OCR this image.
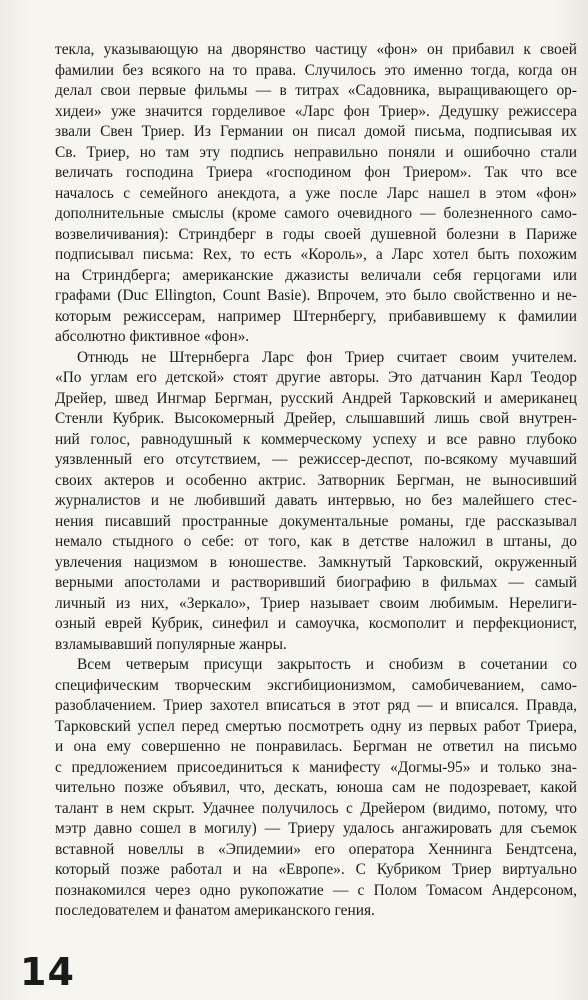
текла, указывающую на дворянство частицу «фон» он прибавил к своей
фамилии без всякого на то права. Случилось это именно тогда, когда он
делал свои первые фильмы — в титрах «Садовника, выращивающего ор-
хидеи» уже значится горделивое «Ларс фон Триер». Дедушку режиссера
звали Свен Триер. Из Германии он писал домой письма, подписывая их
Св. Триер, но там эту подпись неправильно поняли и ошибочно стали
величать господина Триера «господином фон Триером». Так что все
началось с семейного анекдота, а уже после Ларс нашел в этом «фон»
дополнительные смыслы (кроме самого очевидного — болезненного само-
возвеличивания): Стриндберг в годы своей душевной болезни в Париже
подписывал письма: Rex, то есть «Король», а Ларс хотел быть похожим
на Стриндберга; американские джазисты величали себя герцогами или
графами (Duc Ellington, Count Basie). Впрочем, это было свойственно и не-
которым режиссерам, например Штернбергу, прибавившему к фамилии
абсолютно фиктивное «фон».
Отнюдь не Штернберга Ларс фон Триер считает своим учителем.
«По углам его детской» стоят другие авторы. Это датчанин Карл Теодор
Дрейер, швед Ингмар Бергман, русский Андрей Тарковский и американец
Стенли Кубрик. Высокомерный Дрейер, слышавший лишь свой внутрен-
ний голос, равнодушный к коммерческому успеху и все равно глубоко
уязвленный его отсутствием, — режиссер-деспот, по-всякому мучавший
своих актеров и особенно актрис. Затворник Бергман, не выносивший
журналистов и не любивший давать интервью, но без малейшего стес-
нения писавший пространные документальные романы, где рассказывал
немало стыдного о себе: от того, как в детстве наложил в штаны, до
увлечения нацизмом в юношестве. Замкнутый Тарковский, окруженный
верными апостолами и растворивший биографию в фильмах — самый
личный из них, «Зеркало», Триер называет своим любимым. Нерелиги-
озный еврей Кубрик, синефил и самоучка, космополит и перфекционист,
взламывавший популярные жанры.
Всем четверым присущи закрытость и снобизм в сочетании со
специфическим творческим эксгибиционизмом, самобичеванием, само-
разоблачением. Триер захотел вписаться в этот ряд — и вписался. Правда,
Тарковский успел перед смертью посмотреть одну из первых работ Триера,
и она ему совершенно не понравилась. Бергман не ответил на письмо
с предложением присоединиться к манифесту «Догмы-95» и только зна-
чительно позже объявил, что, дескать, юноша сам не подозревает, какой
талант в нем скрыт. Удачнее получилось с Дрейером (видимо, потому, что
мэтр давно сошел в могилу) — Триеру удалось ангажировать для съемок
вставной новеллы в «Эпидемии» его оператора Хеннинга Бендтсена,
который позже работал и на «Европе». С Кубриком Триер виртуально
познакомился через одно рукопожатие — с Полом Томасом Андерсоном,
последователем и фанатом американского гения.
14
